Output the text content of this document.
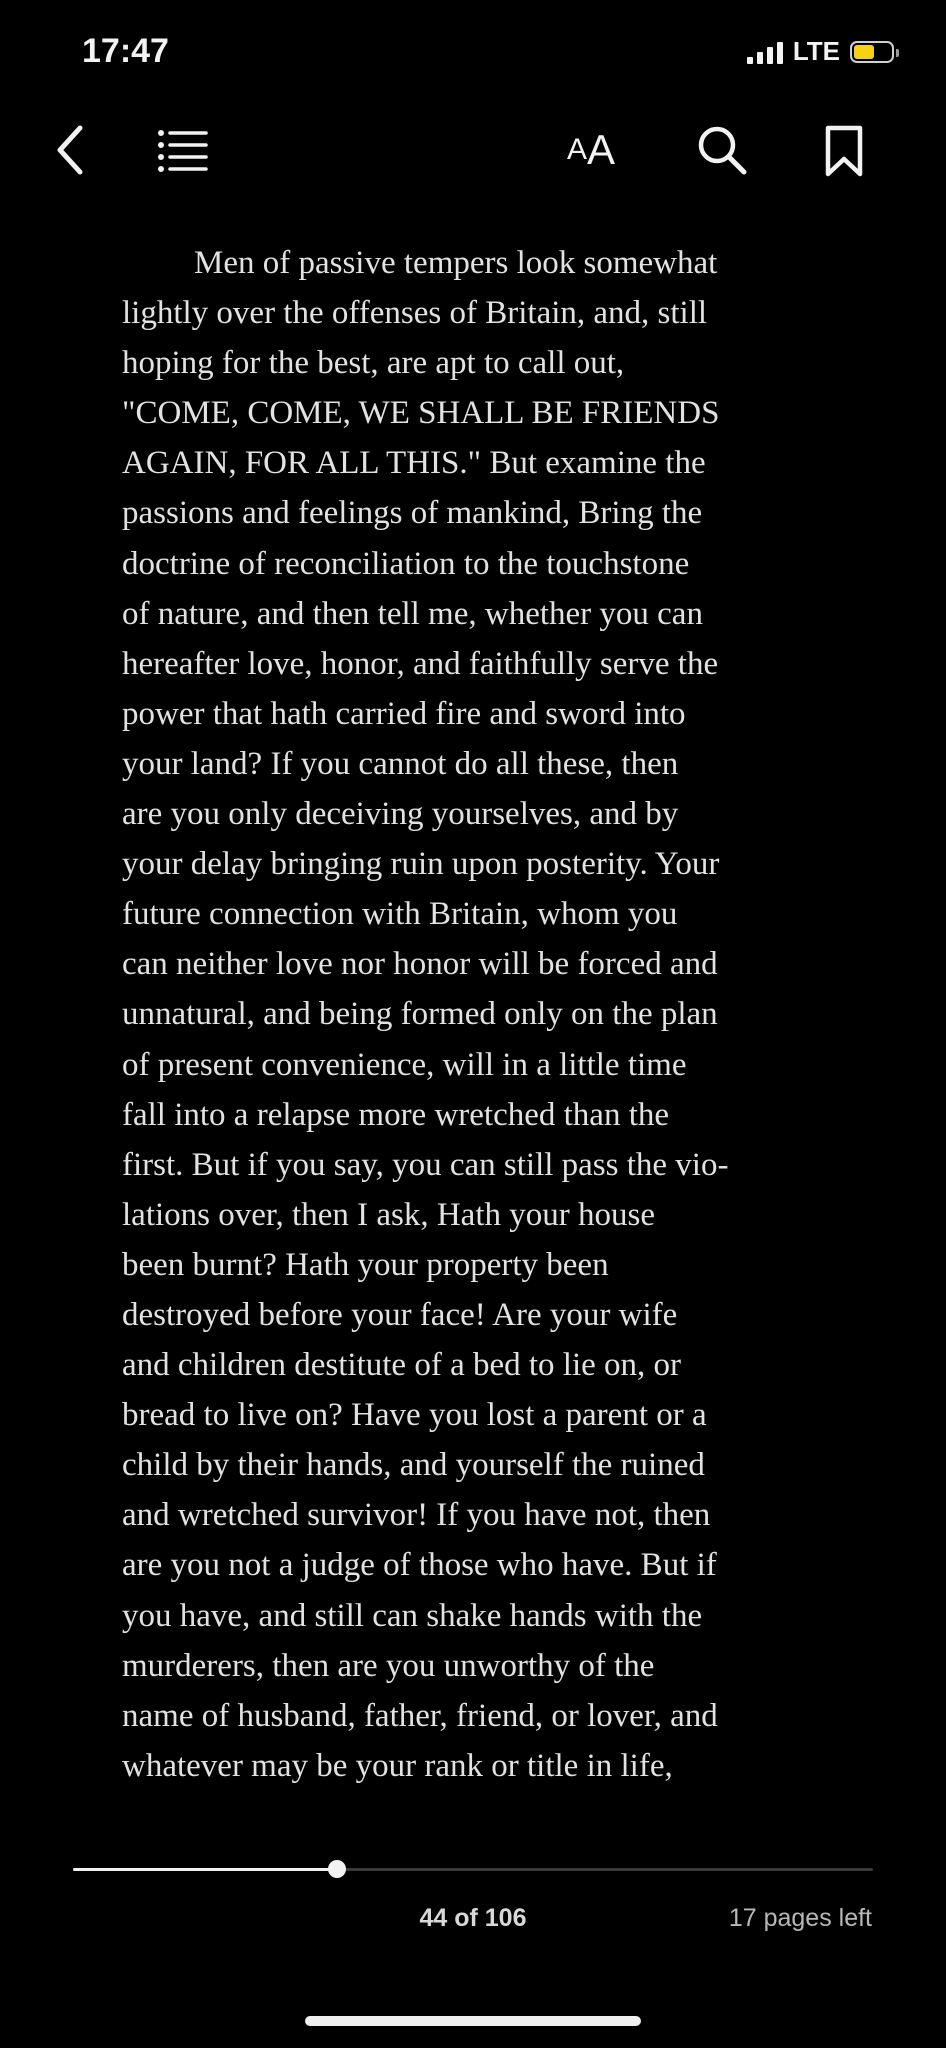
17:47	LTE
A A
Men of passive tempers look somewhat
lightly over the offenses of Britain, and, still
hoping for the best, are apt to call out,
"COME, COME, WE SHALL BE FRIENDS
AGAIN, FOR ALL THIS." But examine the
passions and feelings of mankind, Bring the
doctrine of reconciliation to the touchstone
of nature, and then tell me, whether you can
hereafter love, honor, and faithfully serve the
power that hath carried fire and sword into
your land? If you cannot do all these, then
are you only deceiving yourselves, and by
your delay bringing ruin upon posterity. Your
future connection with Britain, whom you
can neither love nor honor will be forced and
unnatural, and being formed only on the plan
of present convenience, will in a little time
fall into a relapse more wretched than the
first. But if you say, you can still pass the vio-
lations over, then I ask, Hath your house
been burnt? Hath your property been
destroyed before your face! Are your wife
and children destitute of a bed to lie on, or
bread to live on? Have you lost a parent or a
child by their hands, and yourself the ruined
and wretched survivor! If you have not, then
are you not a judge of those who have. But if
you have, and still can shake hands with the
murderers, then are you unworthy of the
name of husband, father, friend, or lover, and
whatever may be your rank or title in life,
44 of 106	17 pages left
